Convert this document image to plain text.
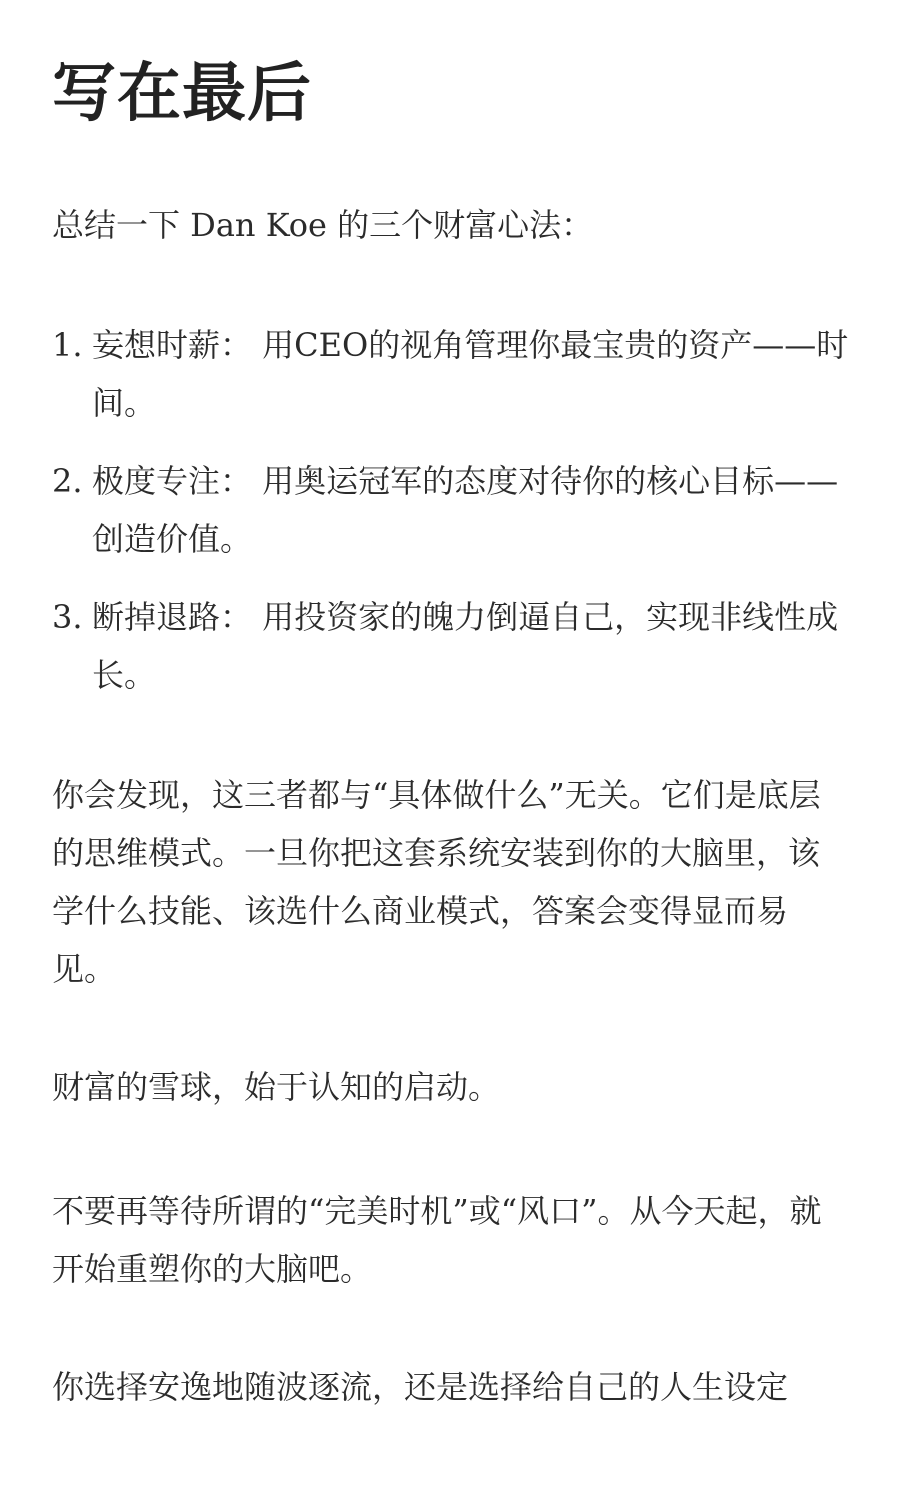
写在最后

总结一下 Dan Koe 的三个财富心法：

1. 妄想时薪： 用CEO的视角管理你最宝贵的资产——时间。
2. 极度专注： 用奥运冠军的态度对待你的核心目标——创造价值。
3. 断掉退路： 用投资家的魄力倒逼自己，实现非线性成长。

你会发现，这三者都与“具体做什么”无关。它们是底层的思维模式。一旦你把这套系统安装到你的大脑里，该学什么技能、该选什么商业模式，答案会变得显而易见。

财富的雪球，始于认知的启动。

不要再等待所谓的“完美时机”或“风口”。从今天起，就开始重塑你的大脑吧。

你选择安逸地随波逐流，还是选择给自己的人生设定
